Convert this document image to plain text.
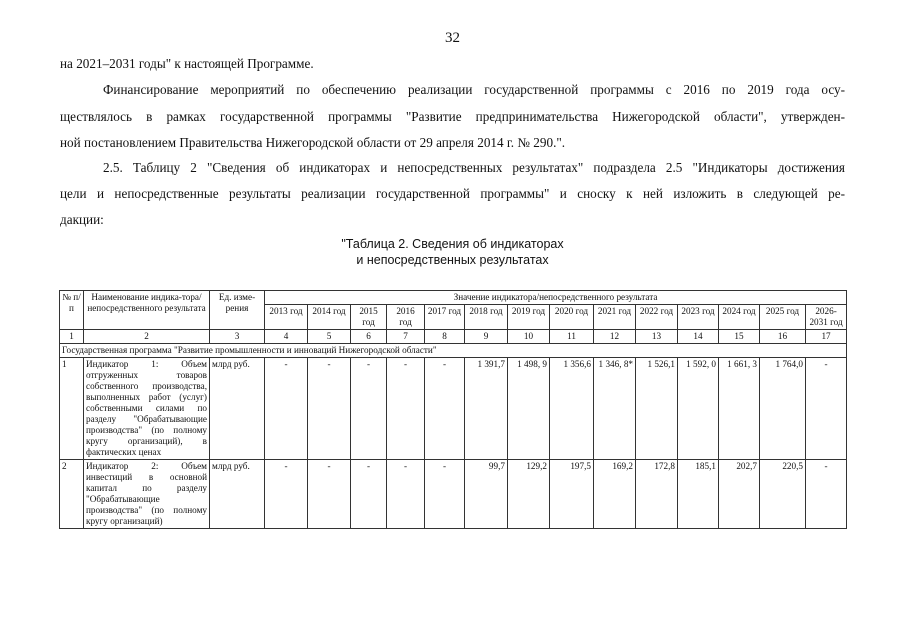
32
на 2021–2031 годы" к настоящей Программе.
Финансирование мероприятий по обеспечению реализации государственной программы с 2016 по 2019 года осу-
ществлялось в рамках государственной программы "Развитие предпринимательства Нижегородской области", утвержден-
ной постановлением Правительства Нижегородской области от 29 апреля 2014 г. № 290.".
2.5. Таблицу 2 "Сведения об индикаторах и непосредственных результатах" подраздела 2.5 "Индикаторы достижения
цели и непосредственные результаты реализации государственной программы" и сноску к ней изложить в следующей ре-
дакции:
"Таблица 2. Сведения об индикаторах
и непосредственных результатах
№ п/п	Наименование индика-тора/непосредственного результата	Ед. изме-рения	Значение индикатора/непосредственного результата													
			2013 год	2014 год	2015 год	2016 год	2017 год	2018 год	2019 год	2020 год	2021 год	2022 год	2023 год	2024 год	2025 год	2026-2031 год
1	2	3	4	5	6	7	8	9	10	11	12	13	14	15	16	17
Государственная программа "Развитие промышленности и инноваций Нижегородской области"																
1	Индикатор 1: Объем отгруженных товаров собственного производства, выполненных работ (услуг) собственными силами по разделу "Обрабатывающие производства" (по полному кругу организаций), в фактических ценах	млрд руб.	-	-	-	-	-	1 391,7	1 498, 9	1 356,6	1 346, 8*	1 526,1	1 592, 0	1 661, 3	1 764,0	-
2	Индикатор 2: Объем инвестиций в основной капитал по разделу "Обрабатывающие производства" (по полному кругу организаций)	млрд руб.	-	-	-	-	-	99,7	129,2	197,5	169,2	172,8	185,1	202,7	220,5	-
